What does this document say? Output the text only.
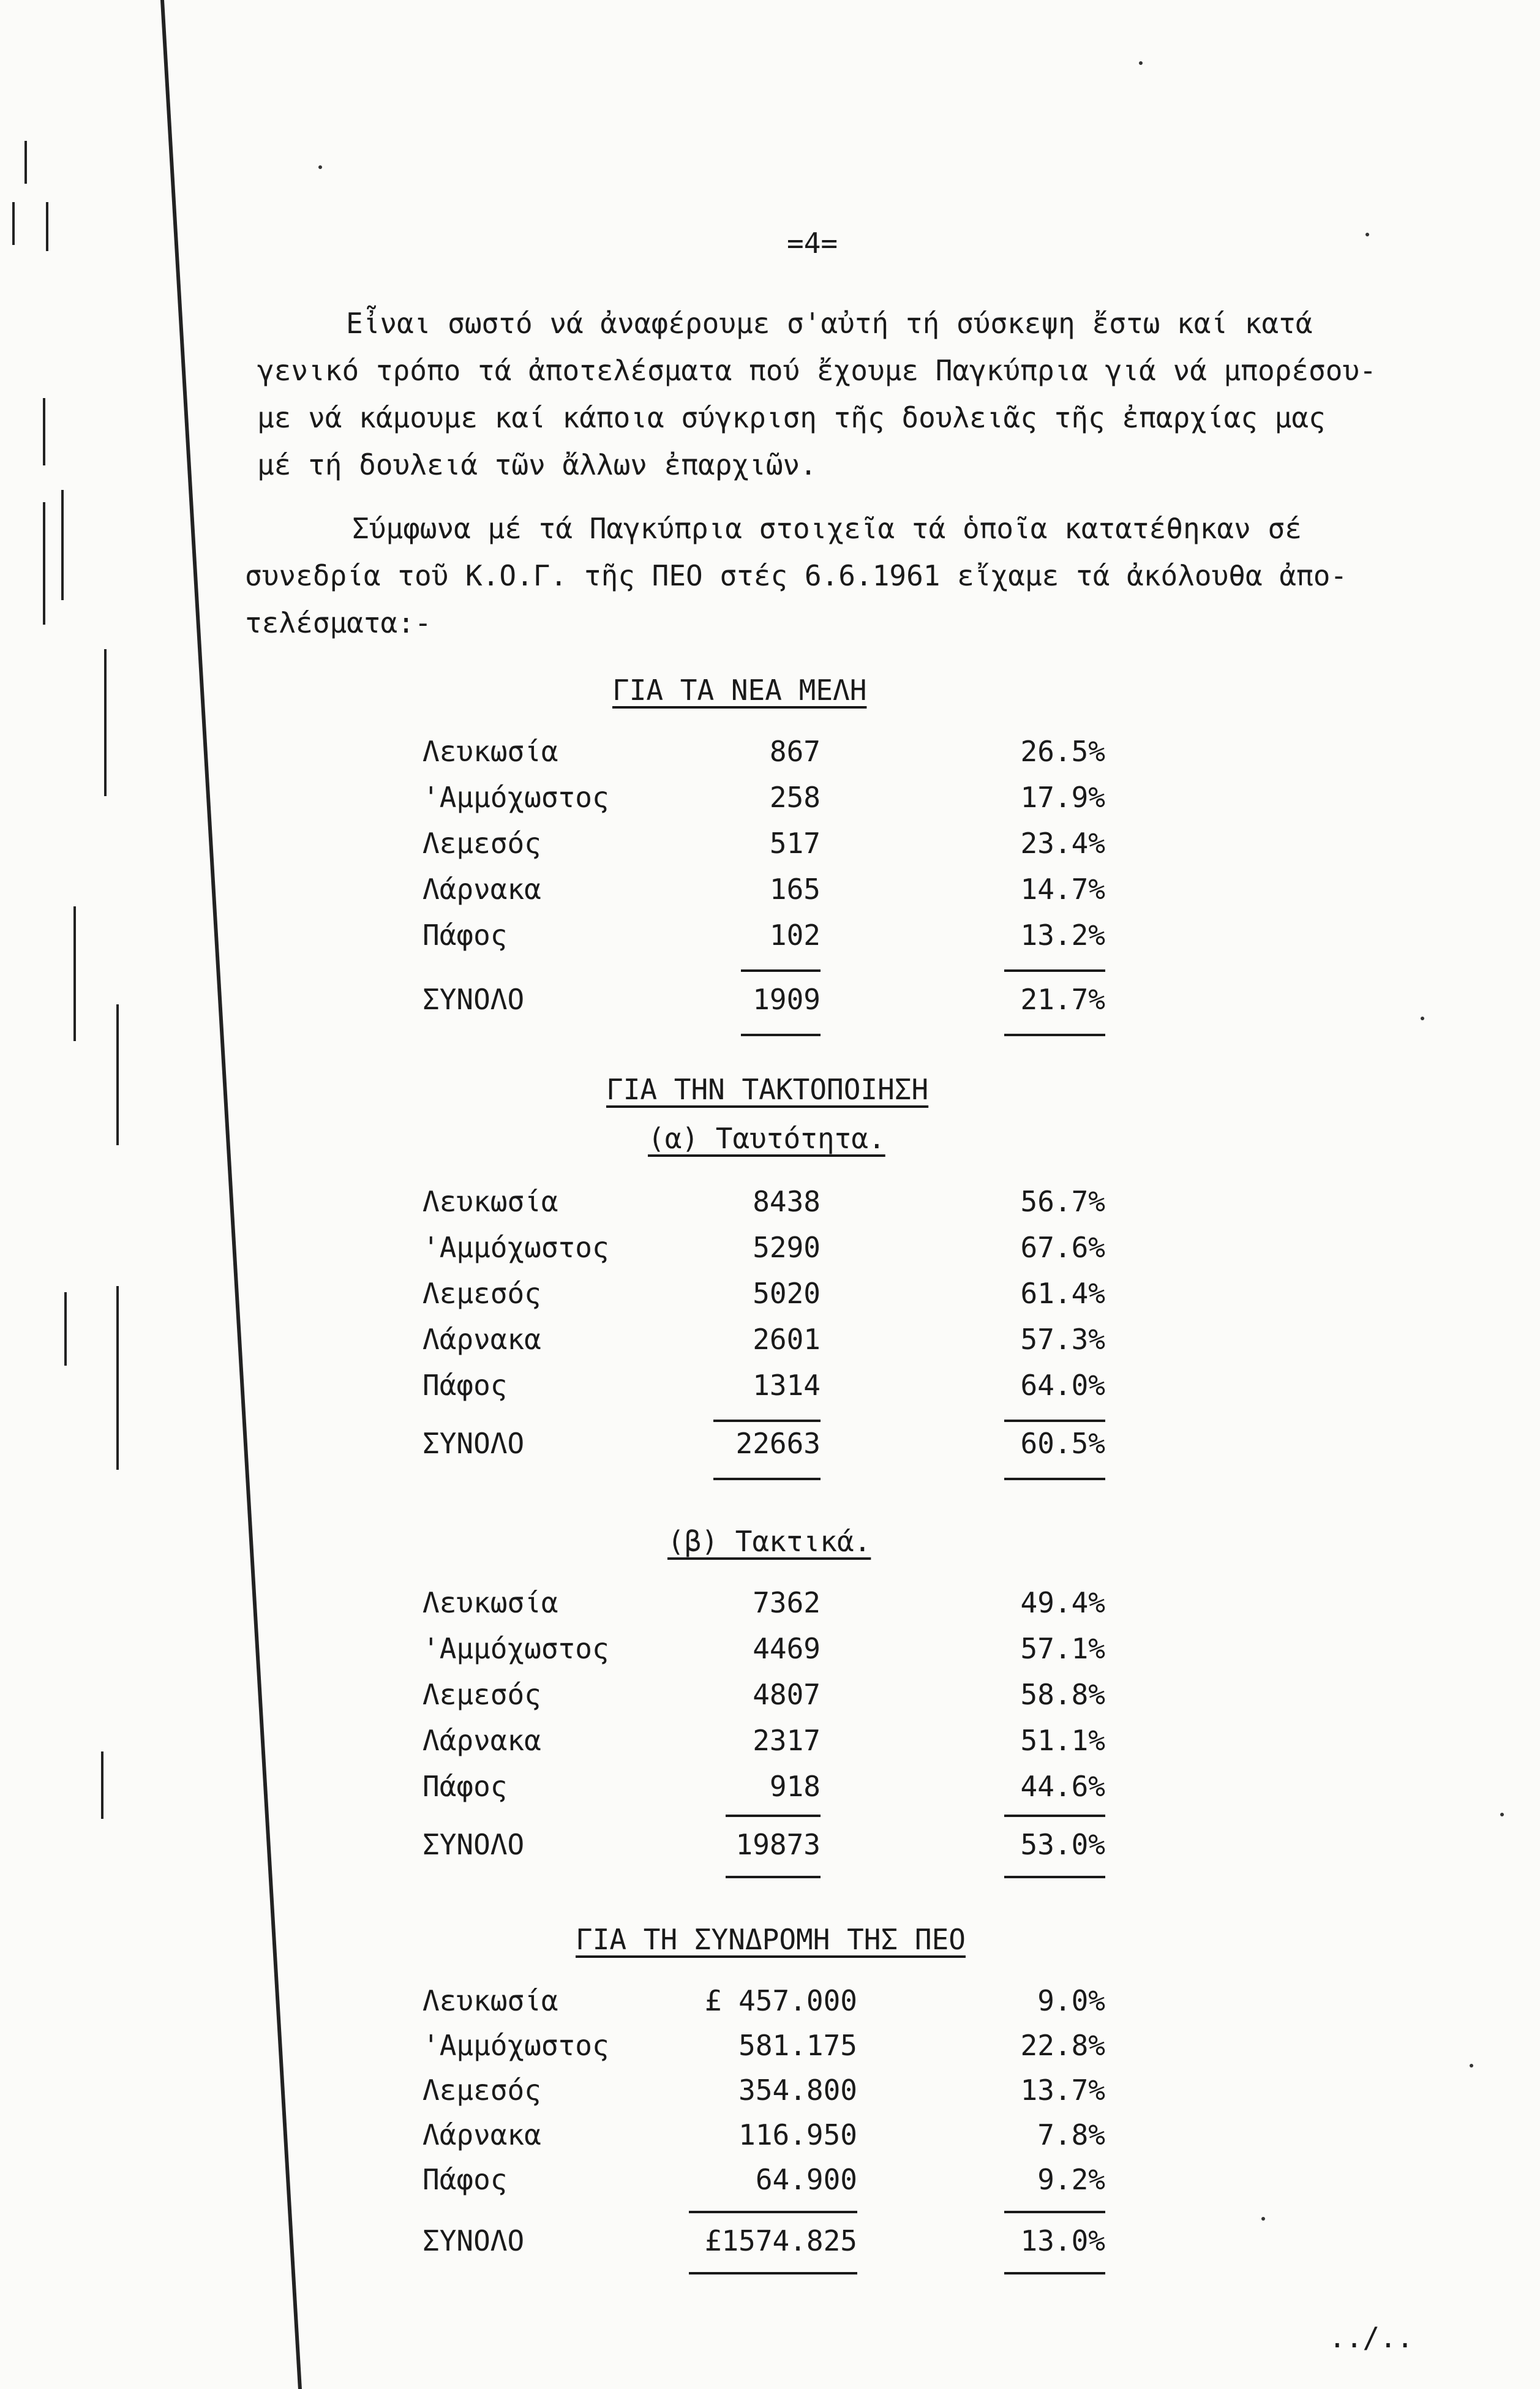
=4=
Εἶναι σωστό νά ἀναφέρουμε σ'αὐτή τή σύσκεψη ἔστω καί κατά
γενικό τρόπο τά ἀποτελέσματα πού ἔχουμε Παγκύπρια γιά νά μπορέσου-
με νά κάμουμε καί κάποια σύγκριση τῆς δουλειᾶς τῆς ἐπαρχίας μας
μέ τή δουλειά τῶν ἄλλων ἐπαρχιῶν.
Σύμφωνα μέ τά Παγκύπρια στοιχεῖα τά ὁποῖα κατατέθηκαν σέ
συνεδρία τοῦ Κ.Ο.Γ. τῆς ΠΕΟ στές 6.6.1961 εἴχαμε τά ἀκόλουθα ἀπο-
τελέσματα:-
ΓΙΑ ΤΑ ΝΕΑ ΜΕΛΗ
Λευκωσία	867	26.5%
'Αμμόχωστος	258	17.9%
Λεμεσός	517	23.4%
Λάρνακα	165	14.7%
Πάφος	102	13.2%
ΣΥΝΟΛΟ	1909	21.7%
ΓΙΑ ΤΗΝ ΤΑΚΤΟΠΟΙΗΣΗ
(α) Ταυτότητα.
Λευκωσία	8438	56.7%
'Αμμόχωστος	5290	67.6%
Λεμεσός	5020	61.4%
Λάρνακα	2601	57.3%
Πάφος	1314	64.0%
ΣΥΝΟΛΟ	22663	60.5%
(β) Τακτικά.
Λευκωσία	7362	49.4%
'Αμμόχωστος	4469	57.1%
Λεμεσός	4807	58.8%
Λάρνακα	2317	51.1%
Πάφος	918	44.6%
ΣΥΝΟΛΟ	19873	53.0%
ΓΙΑ ΤΗ ΣΥΝΔΡΟΜΗ ΤΗΣ ΠΕΟ
Λευκωσία	£ 457.000	9.0%
'Αμμόχωστος	581.175	22.8%
Λεμεσός	354.800	13.7%
Λάρνακα	116.950	7.8%
Πάφος	64.900	9.2%
ΣΥΝΟΛΟ	£1574.825	13.0%
../..
